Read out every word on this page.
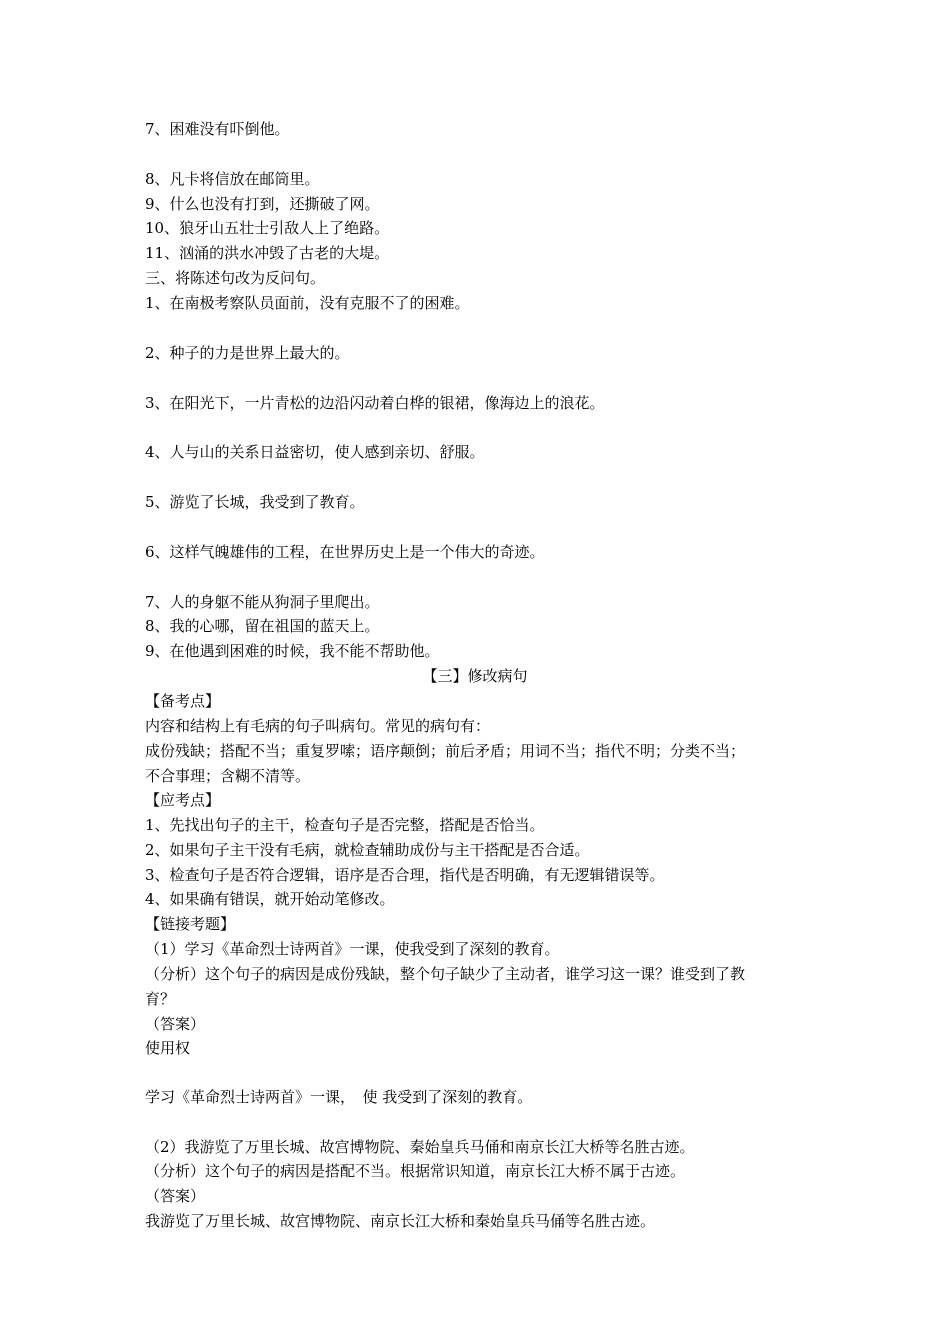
7、困难没有吓倒他。
8、凡卡将信放在邮筒里。
9、什么也没有打到，还撕破了网。
10、狼牙山五壮士引敌人上了绝路。
11、汹涌的洪水冲毁了古老的大堤。
三、将陈述句改为反问句。
1、在南极考察队员面前，没有克服不了的困难。
2、种子的力是世界上最大的。
3、在阳光下，一片青松的边沿闪动着白桦的银裙，像海边上的浪花。
4、人与山的关系日益密切，使人感到亲切、舒服。
5、游览了长城，我受到了教育。
6、这样气魄雄伟的工程，在世界历史上是一个伟大的奇迹。
7、人的身躯不能从狗洞子里爬出。
8、我的心哪，留在祖国的蓝天上。
9、在他遇到困难的时候，我不能不帮助他。
【三】修改病句
【备考点】
内容和结构上有毛病的句子叫病句。常见的病句有：
成份残缺；搭配不当；重复罗嗦；语序颠倒；前后矛盾；用词不当；指代不明；分类不当；
不合事理；含糊不清等。
【应考点】
1、先找出句子的主干，检查句子是否完整，搭配是否恰当。
2、如果句子主干没有毛病，就检查辅助成份与主干搭配是否合适。
3、检查句子是否符合逻辑，语序是否合理，指代是否明确，有无逻辑错误等。
4、如果确有错误，就开始动笔修改。
【链接考题】
（1）学习《革命烈士诗两首》一课，使我受到了深刻的教育。
（分析）这个句子的病因是成份残缺，整个句子缺少了主动者，谁学习这一课？谁受到了教
育？
（答案）
使用权
学习《革命烈士诗两首》一课，　使 我受到了深刻的教育。
（2）我游览了万里长城、故宫博物院、秦始皇兵马俑和南京长江大桥等名胜古迹。
（分析）这个句子的病因是搭配不当。根据常识知道，南京长江大桥不属于古迹。
（答案）
我游览了万里长城、故宫博物院、南京长江大桥和秦始皇兵马俑等名胜古迹。
